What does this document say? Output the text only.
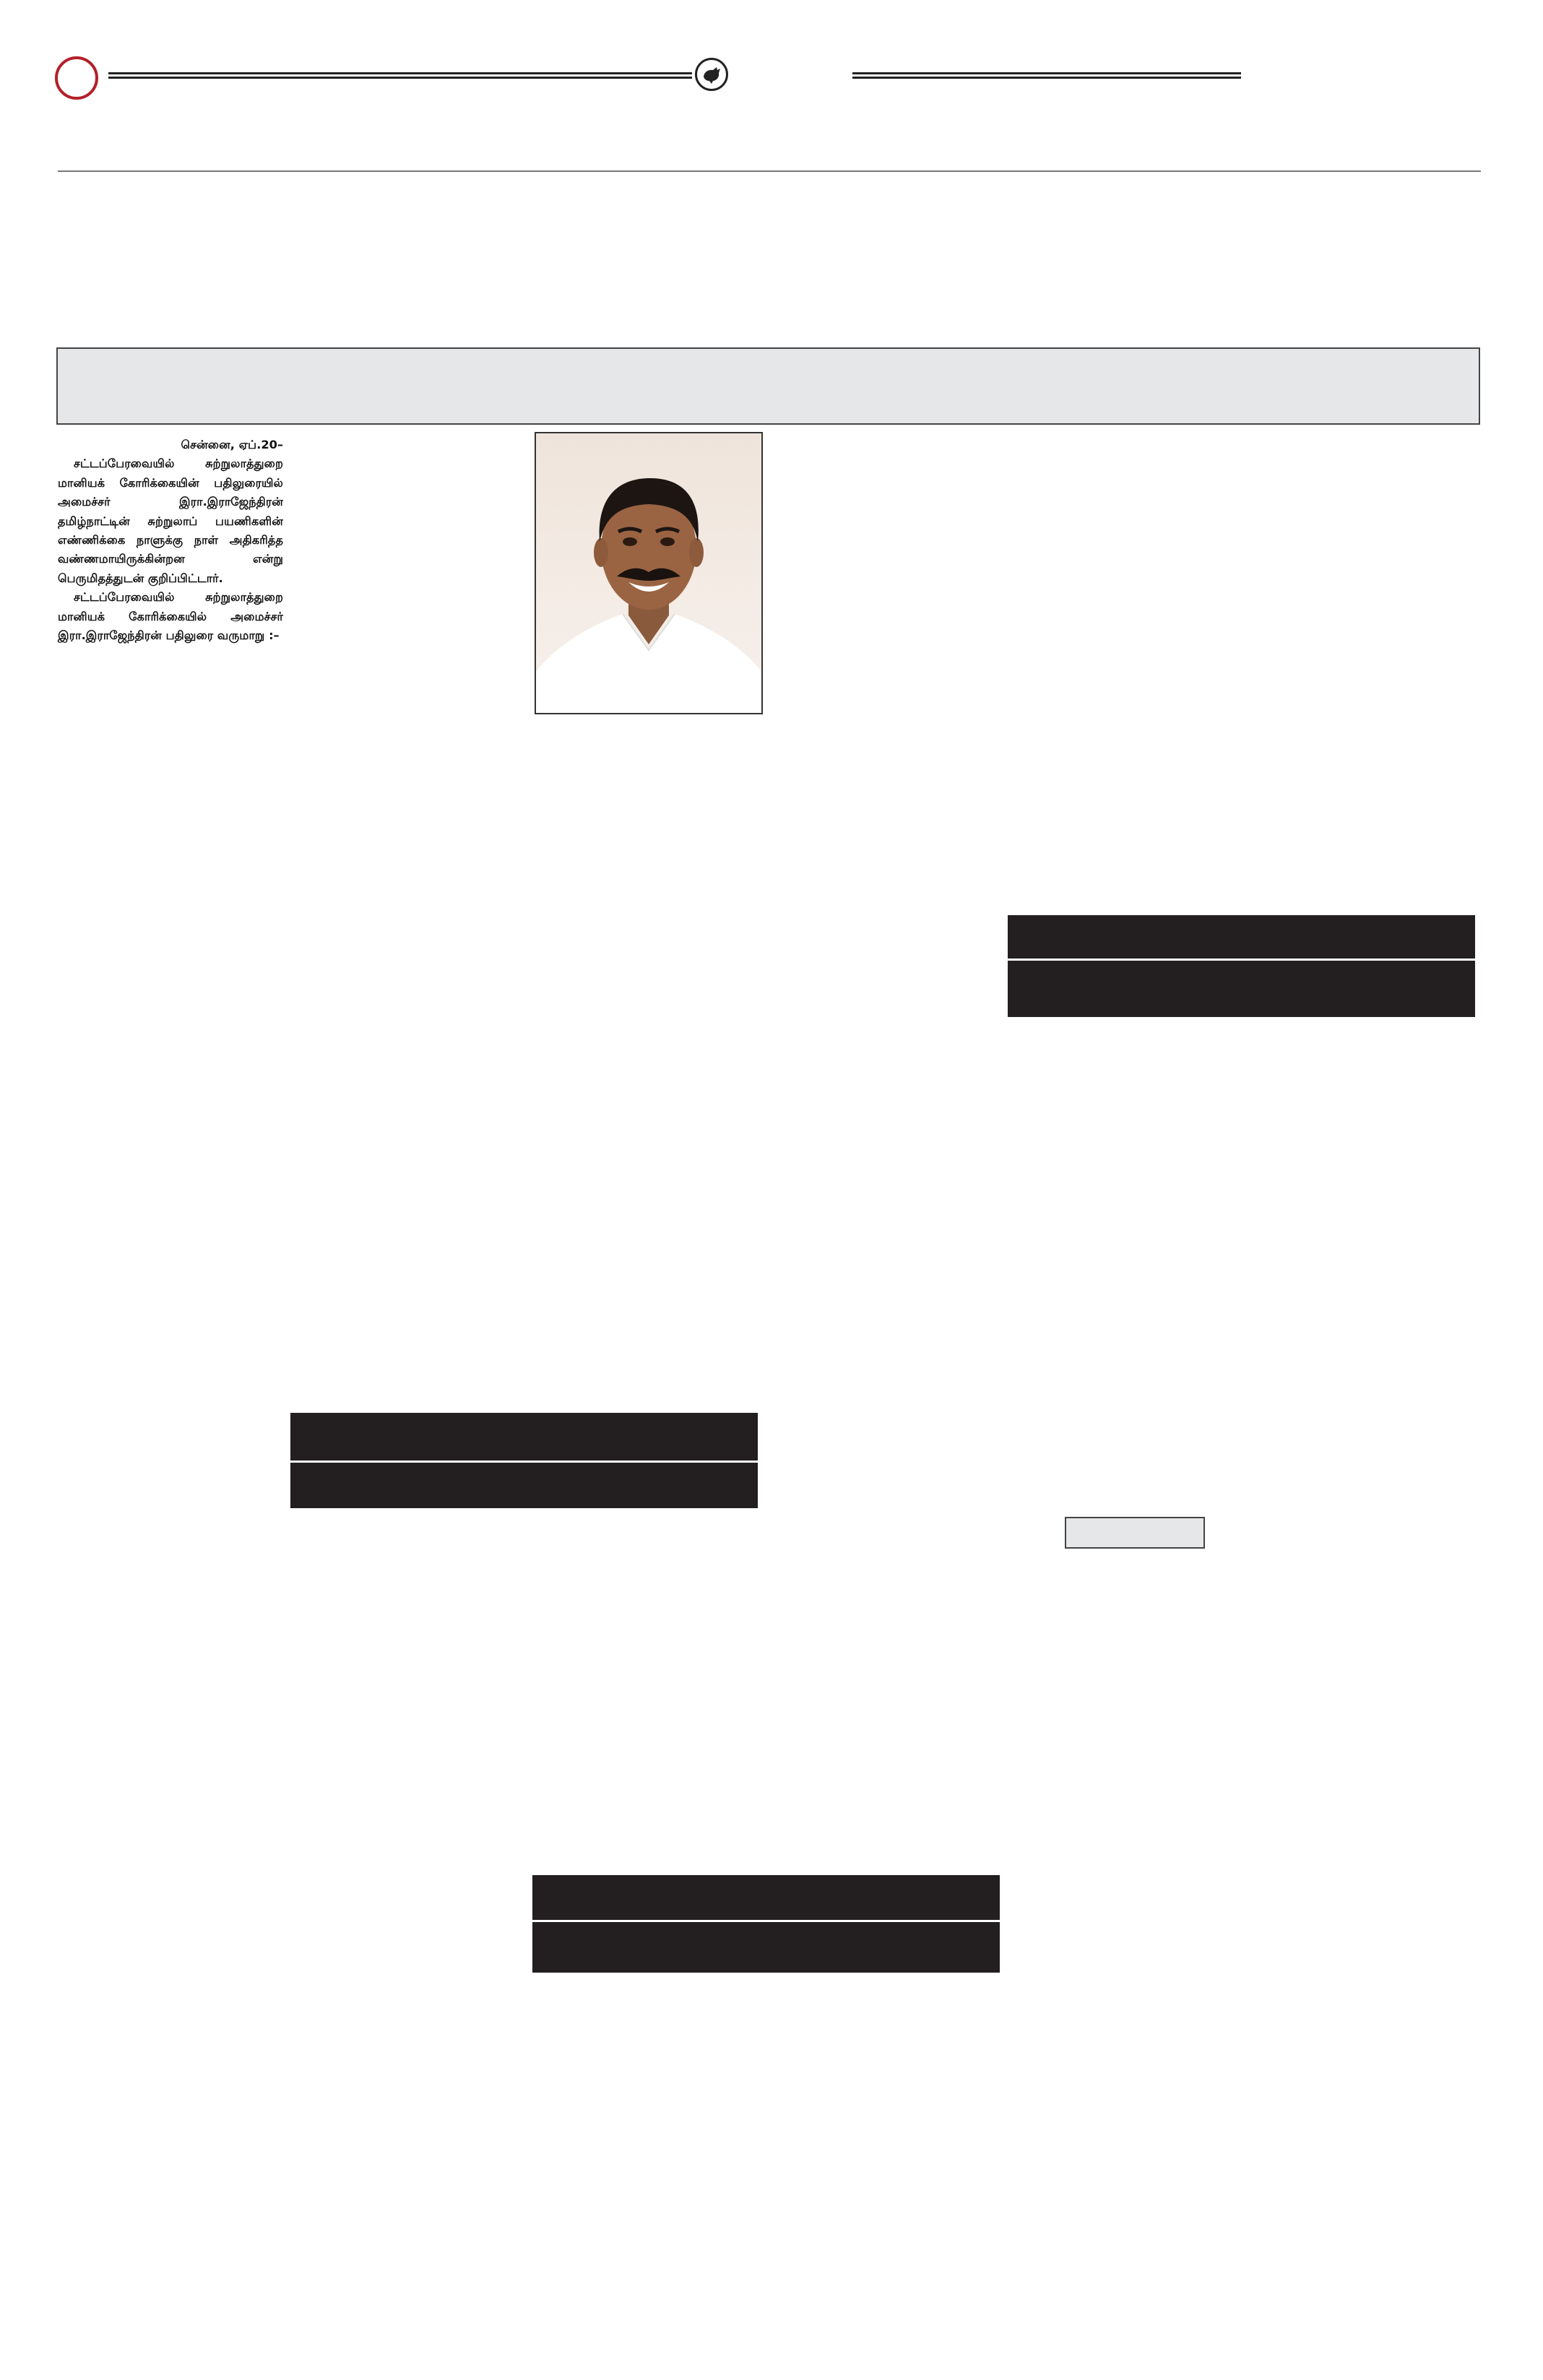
சென்னை, ஏப்.20–

சட்டப்பேரவையில் சுற்றுலாத்துறை மானியக் கோரிக்கையின் பதிலுரையில் அமைச்சர் இரா.இராஜேந்திரன் தமிழ்நாட்டின் சுற்றுலாப் பயணிகளின் எண்ணிக்கை நாளுக்கு நாள் அதிகரித்த வண்ணமாயிருக்கின்றன என்று பெருமிதத்துடன் குறிப்பிட்டார்.

சட்டப்பேரவையில் சுற்றுலாத்துறை மானியக் கோரிக்கையில் அமைச்சர் இரா.இராஜேந்திரன் பதிலுரை வருமாறு :–
